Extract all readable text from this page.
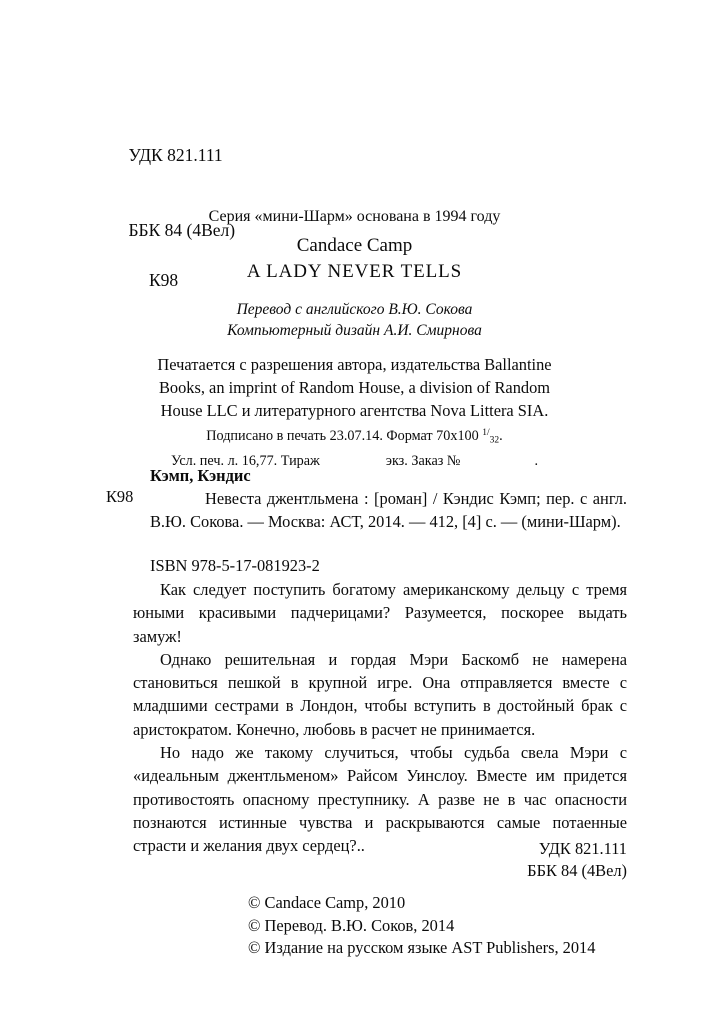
УДК 821.111

ББК 84 (4Вел)

К98

Серия «мини-Шарм» основана в 1994 году
Candace Camp
A LADY NEVER TELLS
Перевод с английского В.Ю. Сокова
Компьютерный дизайн А.И. Смирнова
Печатается с разрешения автора, издательства Ballantine
Books, an imprint of Random House, a division of Random
House LLC и литературного агентства Nova Littera SIA.
Подписано в печать 23.07.14. Формат 70х100 $^{1/}$32.
Усл. печ. л. 16,77. Тираж	экз. Заказ №	.
Кэмп, Кэндис
К98	Невеста джентльмена : [роман] / Кэндис Кэмп; пер. с англ. В.Ю. Сокова. — Москва: АСТ, 2014. — 412, [4] с. — (мини-Шарм).
ISBN 978-5-17-081923-2

Как следует поступить богатому американскому дельцу с тремя юными красивыми падчерицами? Разумеется, поскорее выдать замуж!

Однако решительная и гордая Мэри Баскомб не намерена становиться пешкой в крупной игре. Она отправляется вместе с младшими сестрами в Лондон, чтобы вступить в достойный брак с аристократом. Конечно, любовь в расчет не принимается.

Но надо же такому случиться, чтобы судьба свела Мэри с «идеальным джентльменом» Райсом Уинслоу. Вместе им придется противостоять опасному преступнику. А разве не в час опасности познаются истинные чувства и раскрываются самые потаенные страсти и желания двух сердец?..	УДК 821.111
ББК 84 (4Вел)
© Candace Camp, 2010
© Перевод. В.Ю. Соков, 2014
© Издание на русском языке AST Publishers, 2014
